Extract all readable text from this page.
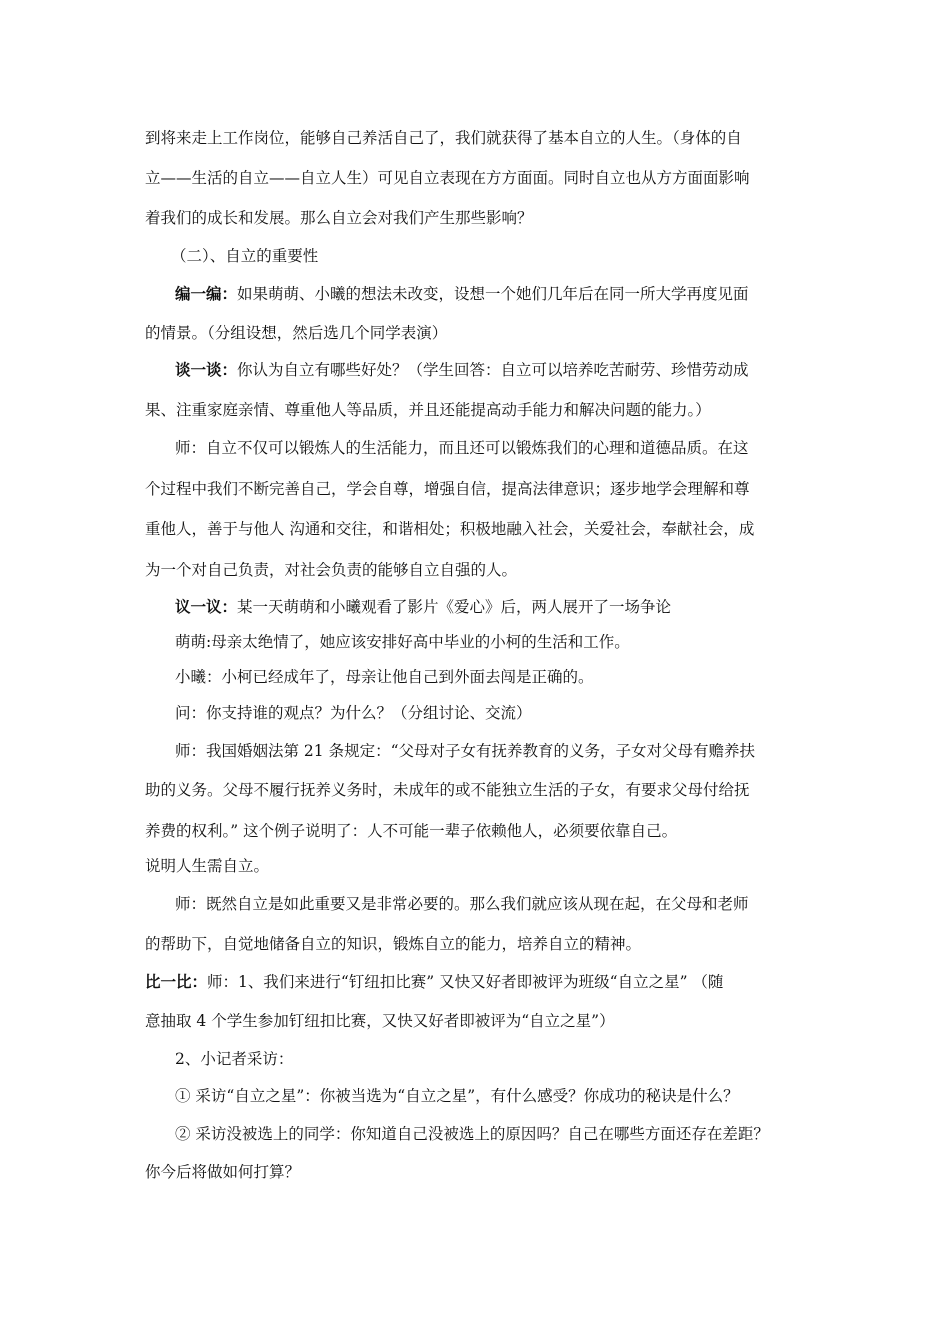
到将来走上工作岗位，能够自己养活自己了，我们就获得了基本自立的人生。（身体的自
立——生活的自立——自立人生）可见自立表现在方方面面。同时自立也从方方面面影响
着我们的成长和发展。那么自立会对我们产生那些影响？
（二）、自立的重要性
编一编：如果萌萌、小曦的想法未改变，设想一个她们几年后在同一所大学再度见面
的情景。（分组设想，然后选几个同学表演）
谈一谈：你认为自立有哪些好处？（学生回答：自立可以培养吃苦耐劳、珍惜劳动成
果、注重家庭亲情、尊重他人等品质，并且还能提高动手能力和解决问题的能力。）
师：自立不仅可以锻炼人的生活能力，而且还可以锻炼我们的心理和道德品质。在这
个过程中我们不断完善自己，学会自尊，增强自信，提高法律意识；逐步地学会理解和尊
重他人，善于与他人 沟通和交往，和谐相处；积极地融入社会，关爱社会，奉献社会，成
为一个对自己负责，对社会负责的能够自立自强的人。
议一议：某一天萌萌和小曦观看了影片《爱心》后，两人展开了一场争论
萌萌:母亲太绝情了，她应该安排好高中毕业的小柯的生活和工作。
小曦：小柯已经成年了，母亲让他自己到外面去闯是正确的。
问：你支持谁的观点？为什么？（分组讨论、交流）
师：我国婚姻法第 21 条规定：“父母对子女有抚养教育的义务，子女对父母有赡养扶
助的义务。父母不履行抚养义务时，未成年的或不能独立生活的子女，有要求父母付给抚
养费的权利。” 这个例子说明了：人不可能一辈子依赖他人，必须要依靠自己。
说明人生需自立。
师：既然自立是如此重要又是非常必要的。那么我们就应该从现在起，在父母和老师
的帮助下，自觉地储备自立的知识，锻炼自立的能力，培养自立的精神。
比一比：师：1、我们来进行“钉纽扣比赛” 又快又好者即被评为班级“自立之星” （随
意抽取 4 个学生参加钉纽扣比赛，又快又好者即被评为“自立之星”）
2、小记者采访：
① 采访“自立之星”：你被当选为“自立之星”，有什么感受？你成功的秘诀是什么？
② 采访没被选上的同学：你知道自己没被选上的原因吗？自己在哪些方面还存在差距？
你今后将做如何打算？
